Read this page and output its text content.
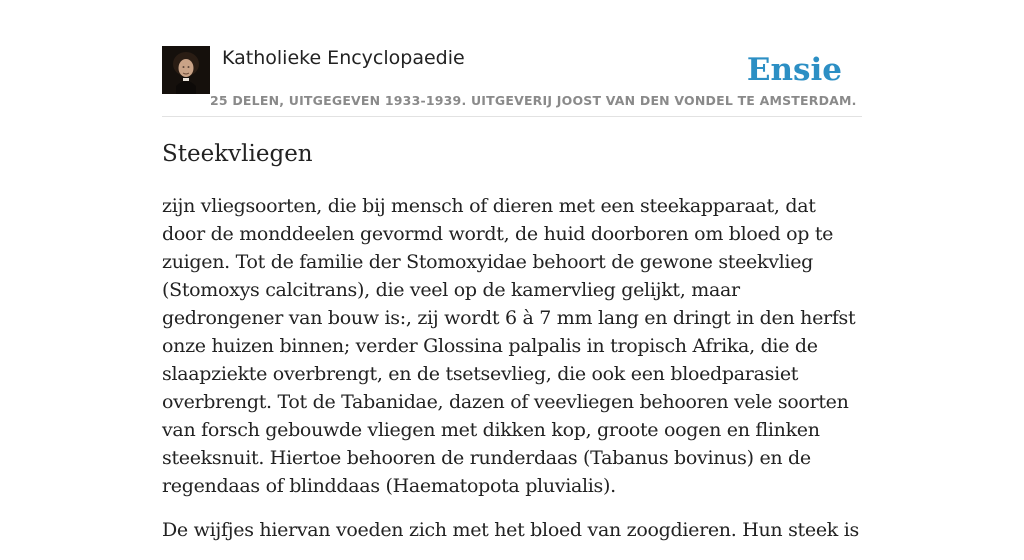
Katholieke Encyclopaedie
25 DELEN, UITGEGEVEN 1933-1939. UITGEVERIJ JOOST VAN DEN VONDEL TE AMSTERDAM.
Ensie
Steekvliegen

zijn vliegsoorten, die bij mensch of dieren met een steekapparaat, dat door de monddeelen gevormd wordt, de huid doorboren om bloed op te zuigen. Tot de familie der Stomoxyidae behoort de gewone steekvlieg (Stomoxys calcitrans), die veel op de kamervlieg gelijkt, maar gedrongener van bouw is:, zij wordt 6 à 7 mm lang en dringt in den herfst onze huizen binnen; verder Glossina palpalis in tropisch Afrika, die de slaapziekte overbrengt, en de tsetsevlieg, die ook een bloedparasiet overbrengt. Tot de Tabanidae, dazen of veevliegen behooren vele soorten van forsch gebouwde vliegen met dikken kop, groote oogen en flinken steeksnuit. Hiertoe behooren de runderdaas (Tabanus bovinus) en de regendaas of blinddaas (Haematopota pluvialis).

De wijfjes hiervan voeden zich met het bloed van zoogdieren. Hun steek is
